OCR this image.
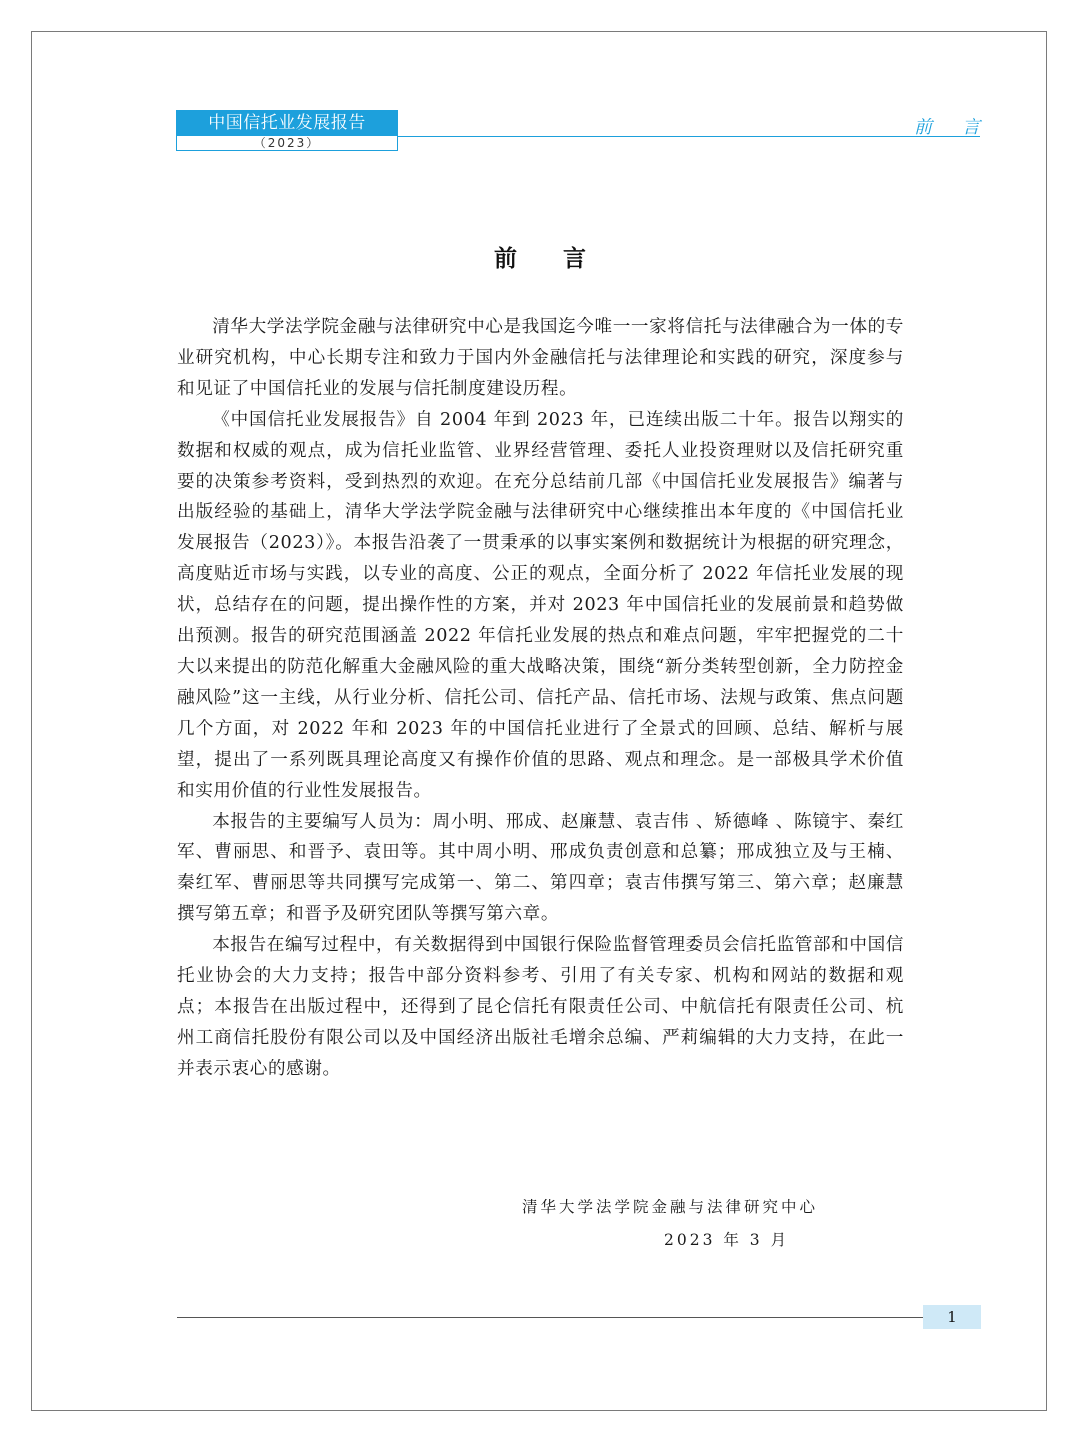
中国信托业发展报告
（2023）
前言
前言

清华大学法学院金融与法律研究中心是我国迄今唯一一家将信托与法律融合为一体的专业研究机构，中心长期专注和致力于国内外金融信托与法律理论和实践的研究，深度参与和见证了中国信托业的发展与信托制度建设历程。

《中国信托业发展报告》自 2004 年到 2023 年，已连续出版二十年。报告以翔实的数据和权威的观点，成为信托业监管、业界经营管理、委托人业投资理财以及信托研究重要的决策参考资料，受到热烈的欢迎。在充分总结前几部《中国信托业发展报告》编著与出版经验的基础上，清华大学法学院金融与法律研究中心继续推出本年度的《中国信托业发展报告（2023）》。本报告沿袭了一贯秉承的以事实案例和数据统计为根据的研究理念，高度贴近市场与实践，以专业的高度、公正的观点，全面分析了 2022 年信托业发展的现状，总结存在的问题，提出操作性的方案，并对 2023 年中国信托业的发展前景和趋势做出预测。报告的研究范围涵盖 2022 年信托业发展的热点和难点问题，牢牢把握党的二十大以来提出的防范化解重大金融风险的重大战略决策，围绕“新分类转型创新，全力防控金融风险”这一主线，从行业分析、信托公司、信托产品、信托市场、法规与政策、焦点问题几个方面，对 2022 年和 2023 年的中国信托业进行了全景式的回顾、总结、解析与展望，提出了一系列既具理论高度又有操作价值的思路、观点和理念。是一部极具学术价值和实用价值的行业性发展报告。

本报告的主要编写人员为：周小明、邢成、赵廉慧、袁吉伟 、矫德峰 、陈镜宇、秦红军、曹丽思、和晋予、袁田等。其中周小明、邢成负责创意和总纂；邢成独立及与王楠、秦红军、曹丽思等共同撰写完成第一、第二、第四章；袁吉伟撰写第三、第六章；赵廉慧撰写第五章；和晋予及研究团队等撰写第六章。

本报告在编写过程中，有关数据得到中国银行保险监督管理委员会信托监管部和中国信托业协会的大力支持；报告中部分资料参考、引用了有关专家、机构和网站的数据和观点；本报告在出版过程中，还得到了昆仑信托有限责任公司、中航信托有限责任公司、杭州工商信托股份有限公司以及中国经济出版社毛增余总编、严莉编辑的大力支持，在此一并表示衷心的感谢。

清华大学法学院金融与法律研究中心
2023 年 3 月
1
